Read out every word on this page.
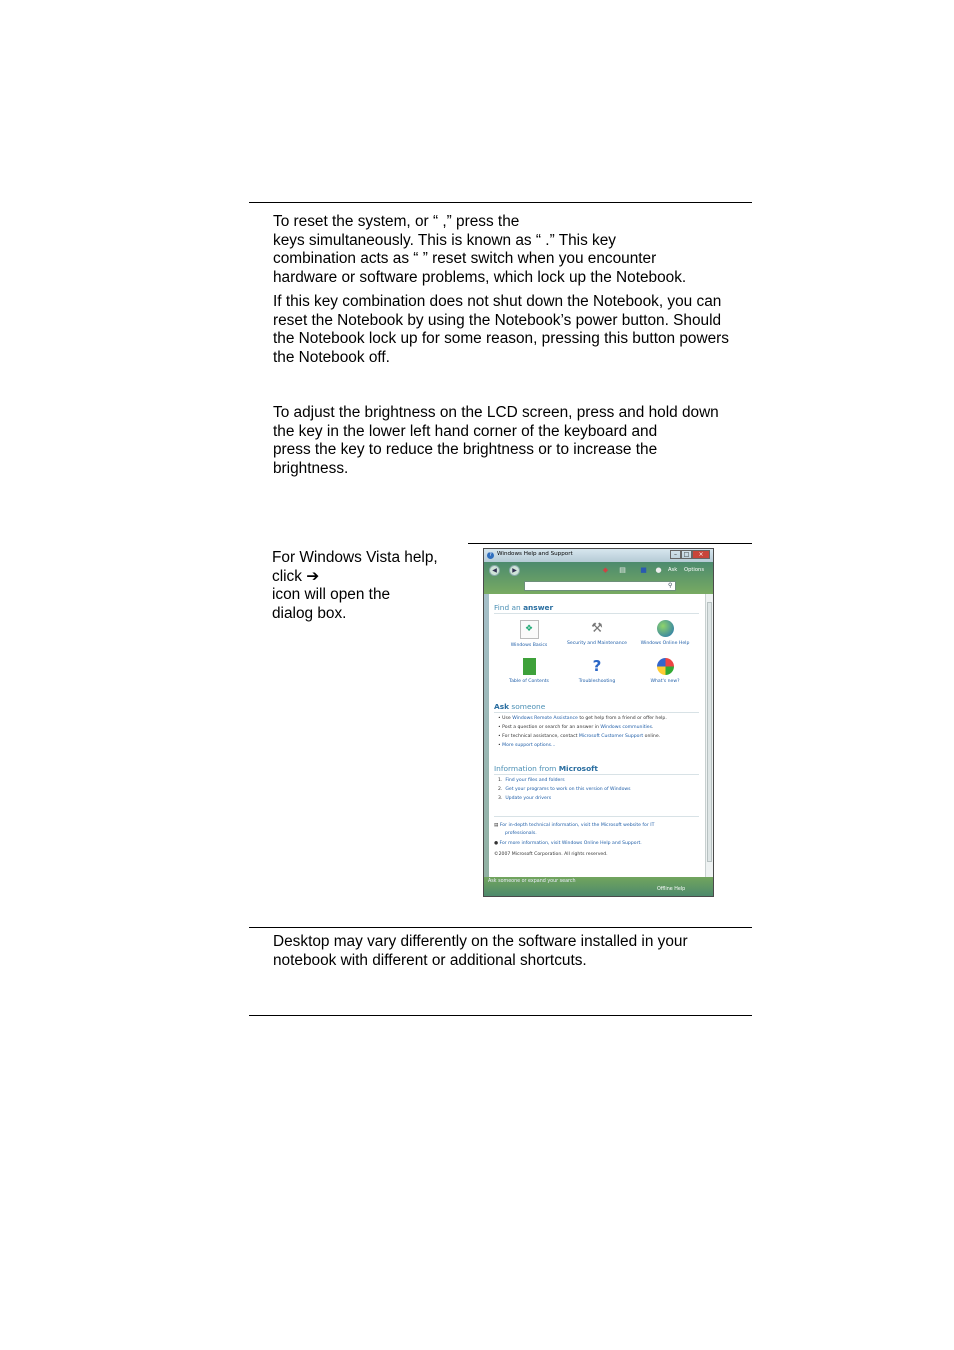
To reset the system, or “ ,” press the
keys simultaneously. This is known as “ .” This key
combination acts as “ ” reset switch when you encounter
hardware or software problems, which lock up the Notebook.
If this key combination does not shut down the Notebook, you can
reset the Notebook by using the Notebook’s power button. Should
the Notebook lock up for some reason, pressing this button powers
the Notebook off.
To adjust the brightness on the LCD screen, press and hold down
the key in the lower left hand corner of the keyboard and
press the key to reduce the brightness or to increase the
brightness.
For Windows Vista help,
click ➔
icon will open the
dialog box.
? Windows Help and Support	–	□	×
◀	▶	◆ ▤ ■ ● Ask Options
⚲
Find an answer
❖
Windows Basics
⚒
Security and Maintenance	Windows Online Help
Table of Contents
?
Troubleshooting	What's new?
Ask someone
• Use Windows Remote Assistance to get help from a friend or offer help.
• Post a question or search for an answer in Windows communities.
• For technical assistance, contact Microsoft Customer Support online.
• More support options...
Information from Microsoft
1.  Find your files and folders
2.  Get your programs to work on this version of Windows
3.  Update your drivers
▤ For in-depth technical information, visit the Microsoft website for IT
professionals.
● For more information, visit Windows Online Help and Support.
©2007 Microsoft Corporation. All rights reserved.
Ask someone or expand your search
Offline Help
Desktop may vary differently on the software installed in your
notebook with different or additional shortcuts.
